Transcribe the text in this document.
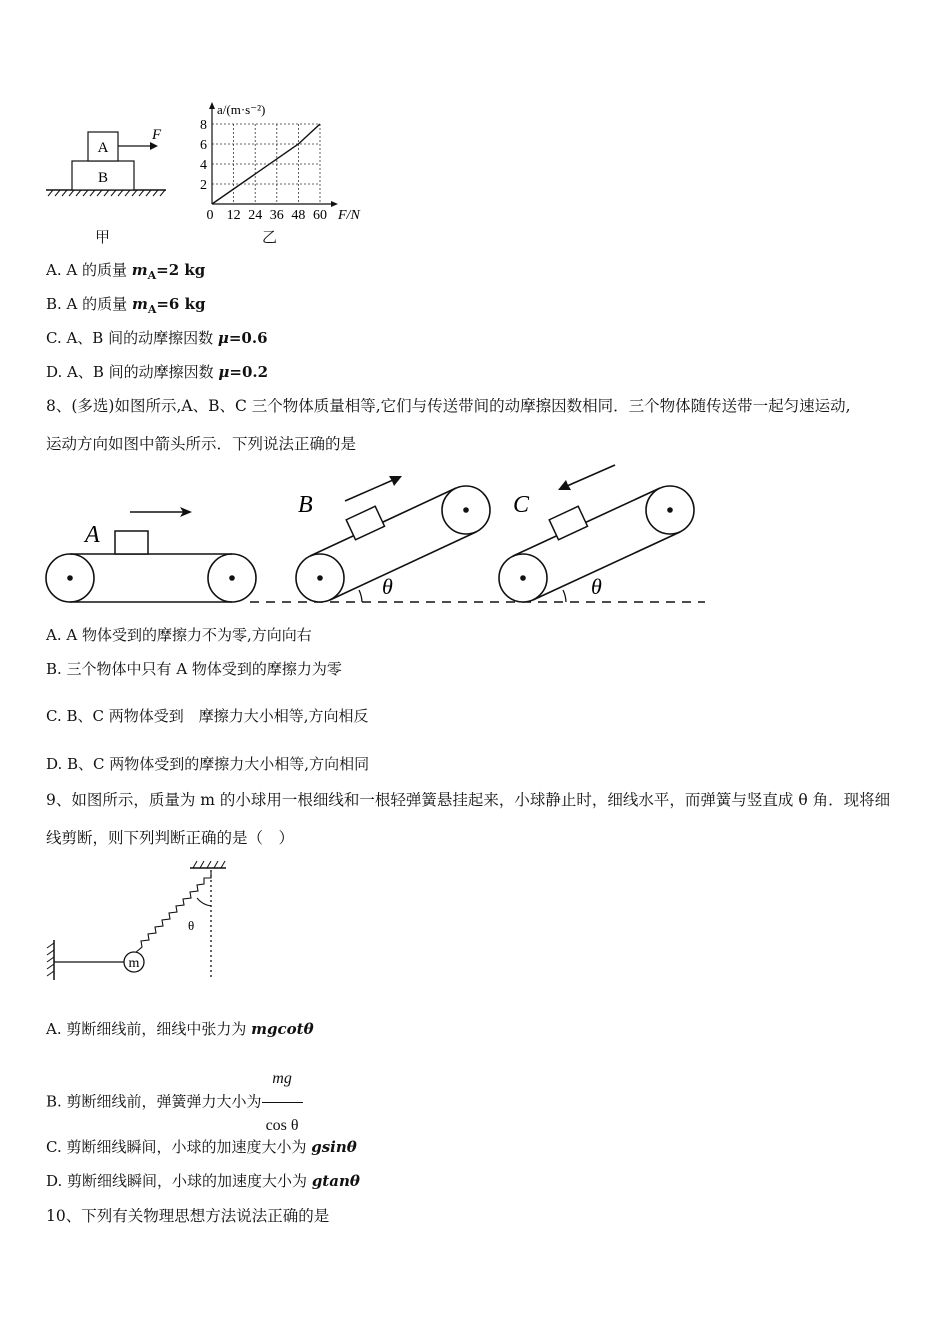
B
A
F
甲
12 24 36 48 60
2
4
6
8
a/(m·s⁻²)
F/N
0
乙
A. A 的质量 $m_A=2$ kg
B. A 的质量 $m_A=6$ kg
C. A、B 间的动摩擦因数 μ=0.6
D. A、B 间的动摩擦因数 μ=0.2
8、(多选)如图所示,A、B、C 三个物体质量相等,它们与传送带间的动摩擦因数相同．三个物体随传送带一起匀速运动,
运动方向如图中箭头所示．下列说法正确的是
A
B
θ
C
θ
A. A 物体受到的摩擦力不为零,方向向右
B. 三个物体中只有 A 物体受到的摩擦力为零
C. B、C 两物体受到　摩擦力大小相等,方向相反
D. B、C 两物体受到的摩擦力大小相等,方向相同
9、如图所示，质量为 m 的小球用一根细线和一根轻弹簧悬挂起来，小球静止时，细线水平，而弹簧与竖直成 θ 角．现将细
线剪断，则下列判断正确的是（　）
θ
m
A. 剪断细线前，细线中张力为 mgcotθ
B. 剪断细线前，弹簧弹力大小为 $\frac{mg}{\text{cos θ}}$
C. 剪断细线瞬间，小球的加速度大小为 gsinθ
D. 剪断细线瞬间，小球的加速度大小为 gtanθ
10、下列有关物理思想方法说法正确的是
